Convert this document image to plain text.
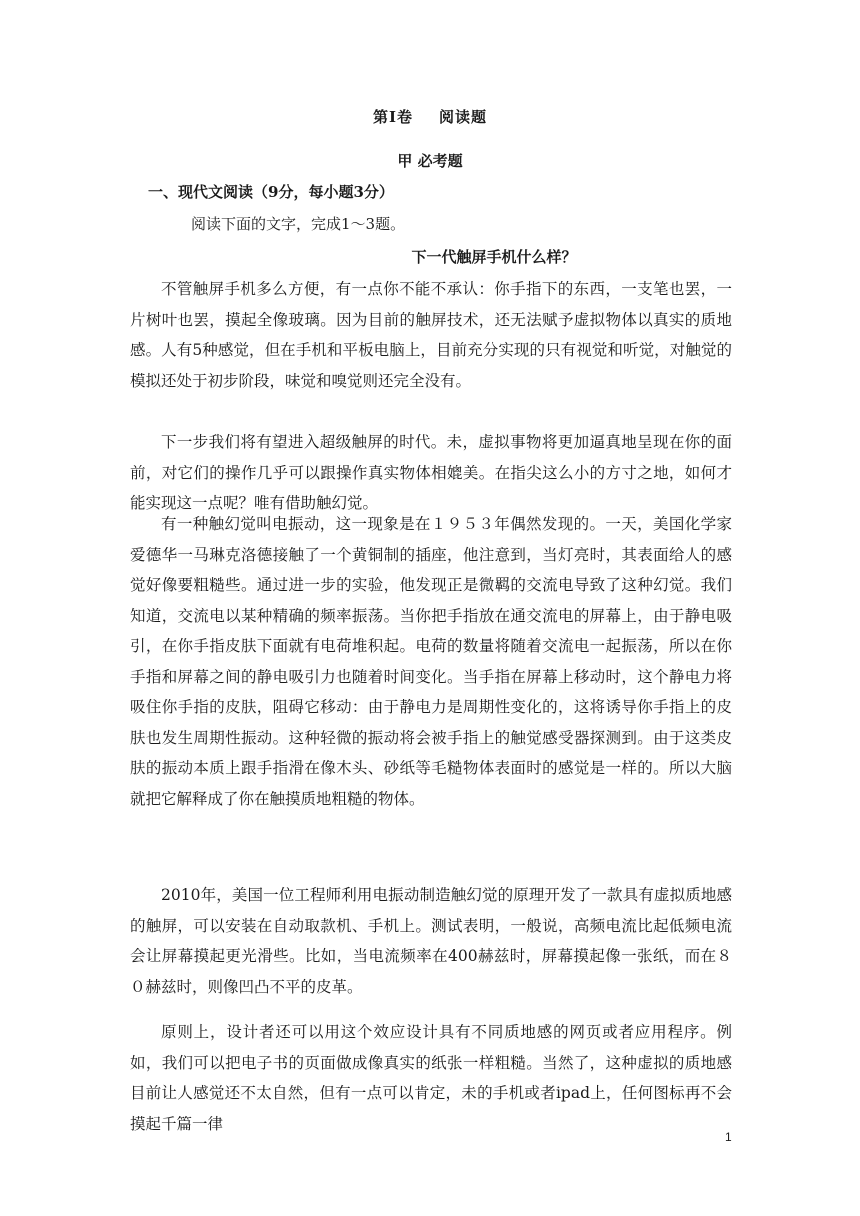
第Ⅰ卷 阅读题
甲 必考题
一、现代文阅读（9分，每小题3分）
阅读下面的文字，完成1～3题。
下一代触屏手机什么样？

不管触屏手机多么方便，有一点你不能不承认：你手指下的东西，一支笔也罢，一片树叶也罢，摸起全像玻璃。因为目前的触屏技术，还无法赋予虚拟物体以真实的质地感。人有5种感觉，但在手机和平板电脑上，目前充分实现的只有视觉和听觉，对触觉的模拟还处于初步阶段，味觉和嗅觉则还完全没有。

下一步我们将有望进入超级触屏的时代。未，虚拟事物将更加逼真地呈现在你的面前，对它们的操作几乎可以跟操作真实物体相媲美。在指尖这么小的方寸之地，如何才能实现这一点呢？唯有借助触幻觉。

有一种触幻觉叫电振动，这一现象是在１９５３年偶然发现的。一天，美国化学家爱德华一马琳克洛德接触了一个黄铜制的插座，他注意到，当灯亮时，其表面给人的感觉好像要粗糙些。通过进一步的实验，他发现正是微羁的交流电导致了这种幻觉。我们知道，交流电以某种精确的频率振荡。当你把手指放在通交流电的屏幕上，由于静电吸引，在你手指皮肤下面就有电荷堆积起。电荷的数量将随着交流电一起振荡，所以在你手指和屏幕之间的静电吸引力也随着时间变化。当手指在屏幕上移动时，这个静电力将吸住你手指的皮肤，阻碍它移动：由于静电力是周期性变化的，这将诱导你手指上的皮肤也发生周期性振动。这种轻微的振动将会被手指上的触觉感受器探测到。由于这类皮肤的振动本质上跟手指滑在像木头、砂纸等毛糙物体表面时的感觉是一样的。所以大脑就把它解释成了你在触摸质地粗糙的物体。

2010年，美国一位工程师利用电振动制造触幻觉的原理开发了一款具有虚拟质地感的触屏，可以安装在自动取款机、手机上。测试表明，一般说，高频电流比起低频电流会让屏幕摸起更光滑些。比如，当电流频率在400赫兹时，屏幕摸起像一张纸，而在８０赫兹时，则像凹凸不平的皮革。

原则上，设计者还可以用这个效应设计具有不同质地感的网页或者应用程序。例如，我们可以把电子书的页面做成像真实的纸张一样粗糙。当然了，这种虚拟的质地感目前让人感觉还不太自然，但有一点可以肯定，未的手机或者ipad上，任何图标再不会摸起千篇一律

1
